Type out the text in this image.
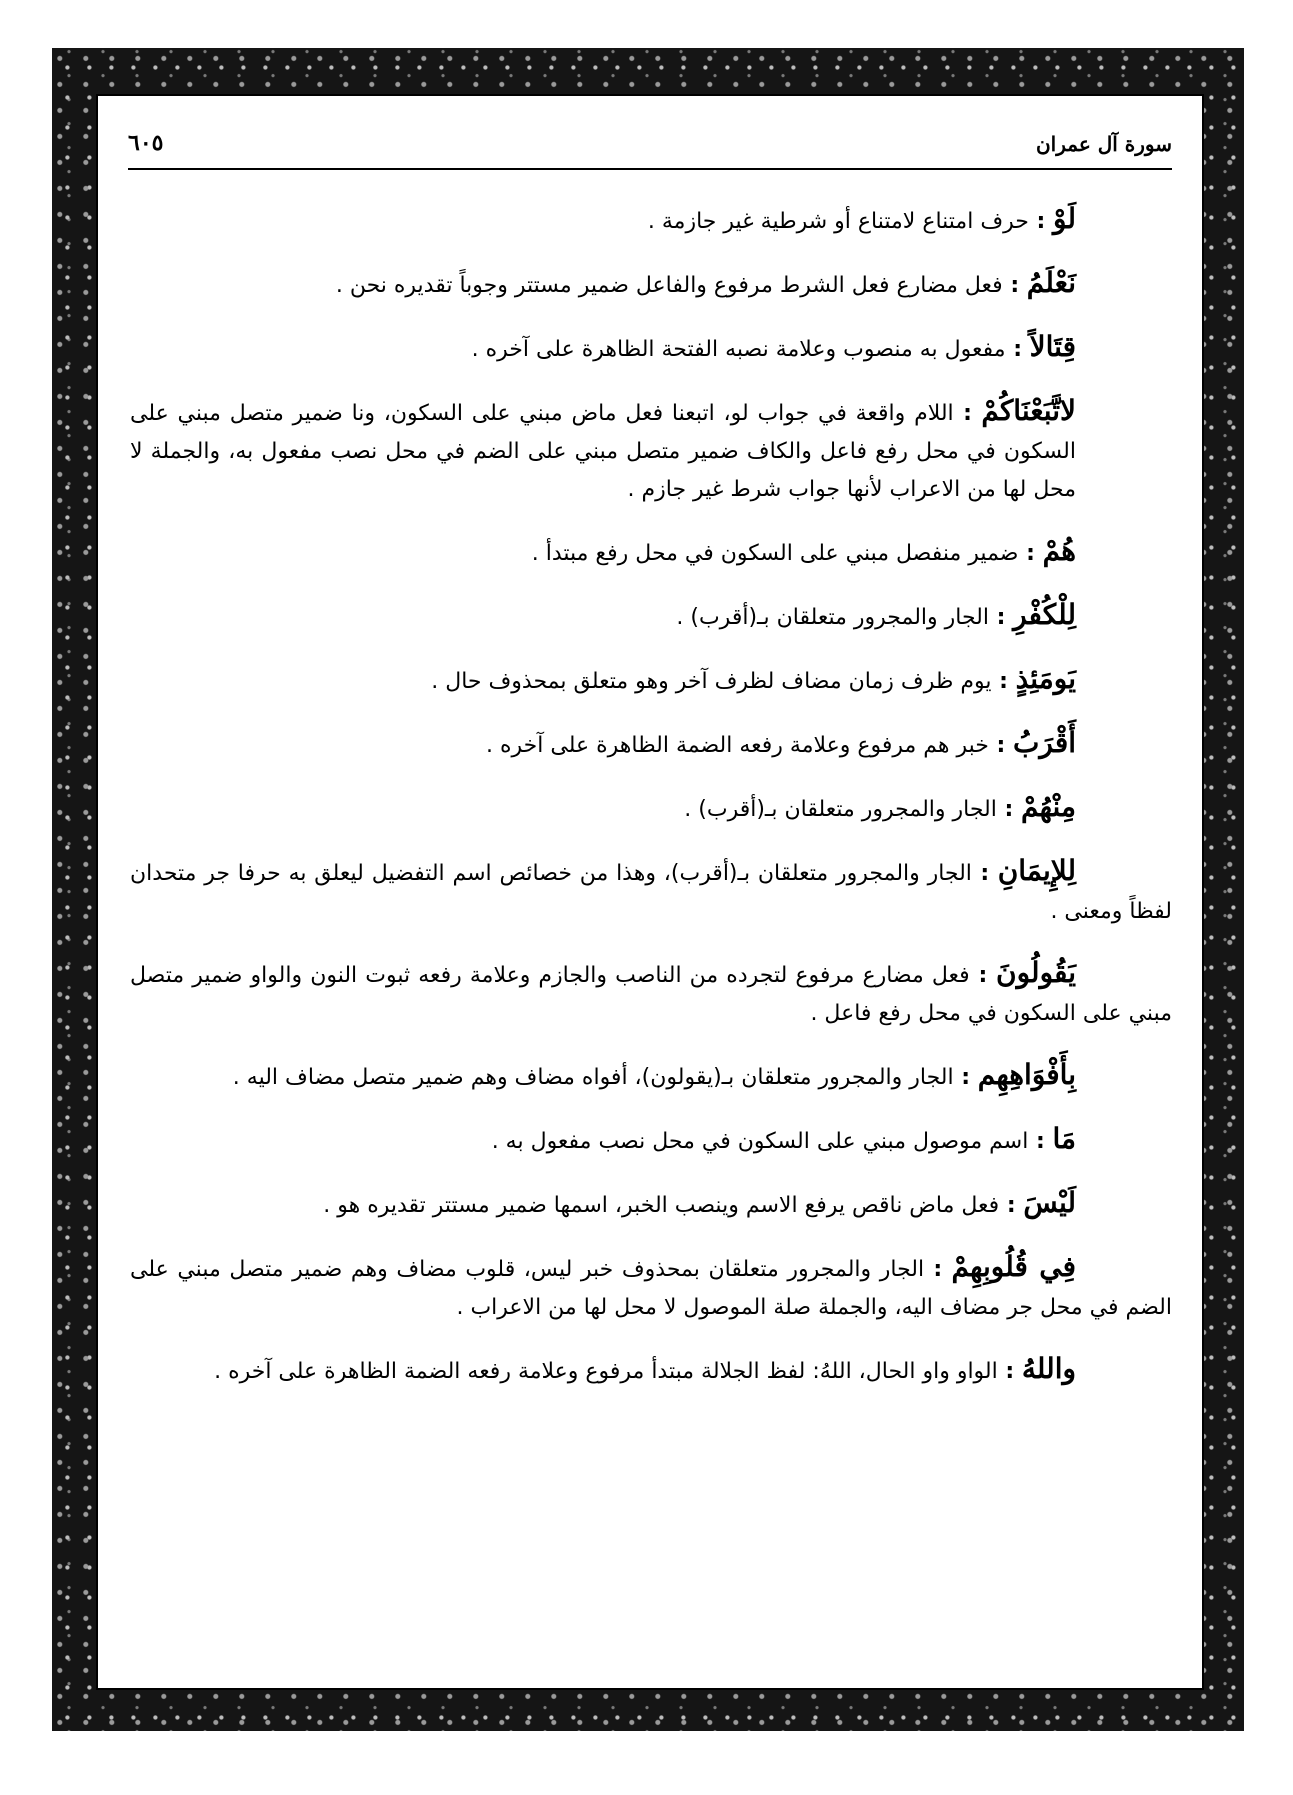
سورة آل عمران
٦٠٥

لَوْ : حرف امتناع لامتناع أو شرطية غير جازمة .

نَعْلَمُ : فعل مضارع فعل الشرط مرفوع والفاعل ضمير مستتر وجوباً تقديره نحن .

قِتَالاً : مفعول به منصوب وعلامة نصبه الفتحة الظاهرة على آخره .

لاتَّبَعْنَاكُمْ : اللام واقعة في جواب لو، اتبعنا فعل ماض مبني على السكون، ونا ضمير متصل مبني على السكون في محل رفع فاعل والكاف ضمير متصل مبني على الضم في محل نصب مفعول به، والجملة لا محل لها من الاعراب لأنها جواب شرط غير جازم .

هُمْ : ضمير منفصل مبني على السكون في محل رفع مبتدأ .

لِلْكُفْرِ : الجار والمجرور متعلقان بـ(أقرب) .

يَومَئِذٍ : يوم ظرف زمان مضاف لظرف آخر وهو متعلق بمحذوف حال .

أَقْرَبُ : خبر هم مرفوع وعلامة رفعه الضمة الظاهرة على آخره .

مِنْهُمْ : الجار والمجرور متعلقان بـ(أقرب) .

لِلإِيمَانِ : الجار والمجرور متعلقان بـ(أقرب)، وهذا من خصائص اسم التفضيل ليعلق به حرفا جر متحدان لفظاً ومعنى .

يَقُولُونَ : فعل مضارع مرفوع لتجرده من الناصب والجازم وعلامة رفعه ثبوت النون والواو ضمير متصل مبني على السكون في محل رفع فاعل .

بِأَفْوَاهِهِم : الجار والمجرور متعلقان بـ(يقولون)، أفواه مضاف وهم ضمير متصل مضاف اليه .

مَا : اسم موصول مبني على السكون في محل نصب مفعول به .

لَيْسَ : فعل ماض ناقص يرفع الاسم وينصب الخبر، اسمها ضمير مستتر تقديره هو .

فِي قُلُوبِهِمْ : الجار والمجرور متعلقان بمحذوف خبر ليس، قلوب مضاف وهم ضمير متصل مبني على الضم في محل جر مضاف اليه، والجملة صلة الموصول لا محل لها من الاعراب .

واللهُ : الواو واو الحال، اللهُ: لفظ الجلالة مبتدأ مرفوع وعلامة رفعه الضمة الظاهرة على آخره .
